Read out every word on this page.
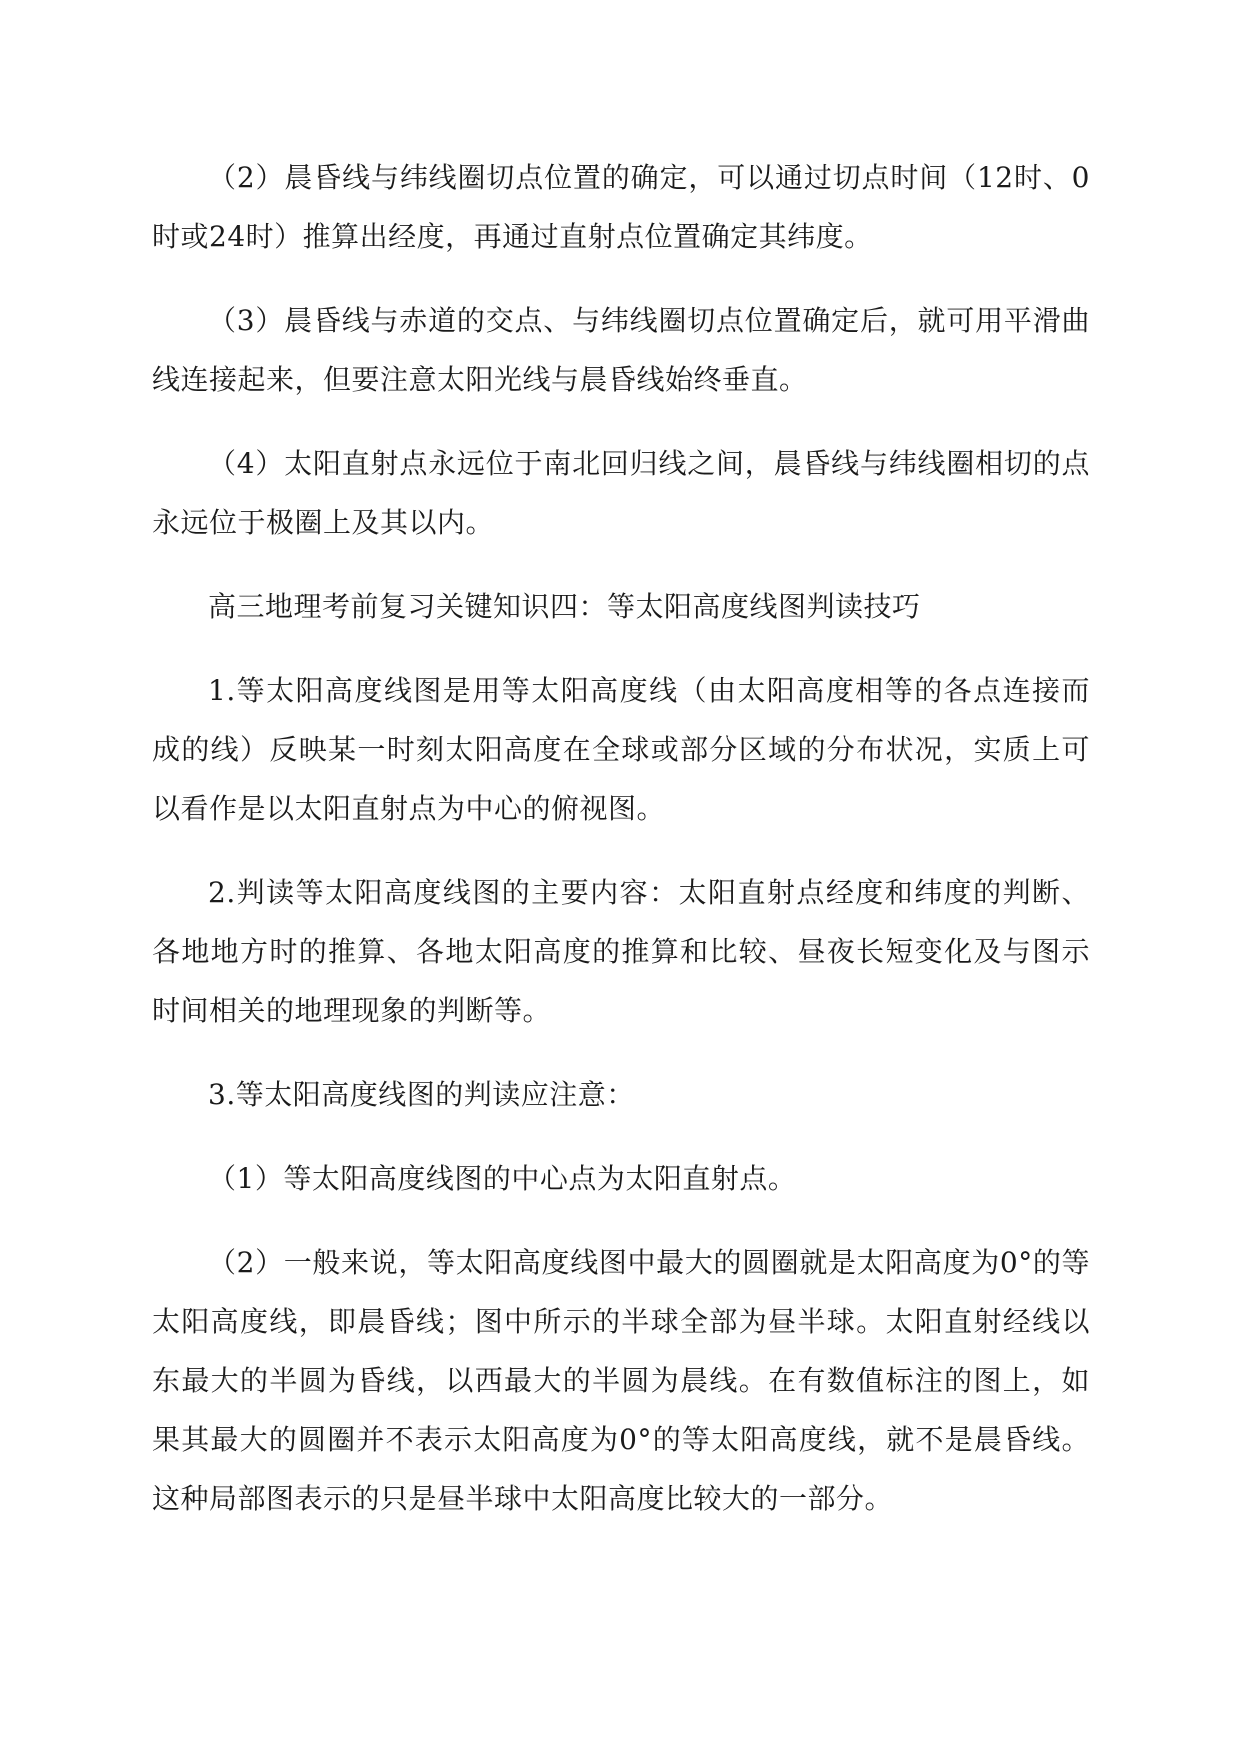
（2）晨昏线与纬线圈切点位置的确定，可以通过切点时间（12时、0时或24时）推算出经度，再通过直射点位置确定其纬度。

（3）晨昏线与赤道的交点、与纬线圈切点位置确定后，就可用平滑曲线连接起来，但要注意太阳光线与晨昏线始终垂直。

（4）太阳直射点永远位于南北回归线之间，晨昏线与纬线圈相切的点永远位于极圈上及其以内。

高三地理考前复习关键知识四：等太阳高度线图判读技巧

1.等太阳高度线图是用等太阳高度线（由太阳高度相等的各点连接而成的线）反映某一时刻太阳高度在全球或部分区域的分布状况，实质上可以看作是以太阳直射点为中心的俯视图。

2.判读等太阳高度线图的主要内容：太阳直射点经度和纬度的判断、各地地方时的推算、各地太阳高度的推算和比较、昼夜长短变化及与图示时间相关的地理现象的判断等。

3.等太阳高度线图的判读应注意：

（1）等太阳高度线图的中心点为太阳直射点。

（2）一般来说，等太阳高度线图中最大的圆圈就是太阳高度为0°的等太阳高度线，即晨昏线；图中所示的半球全部为昼半球。太阳直射经线以东最大的半圆为昏线，以西最大的半圆为晨线。在有数值标注的图上，如果其最大的圆圈并不表示太阳高度为0°的等太阳高度线，就不是晨昏线。这种局部图表示的只是昼半球中太阳高度比较大的一部分。
